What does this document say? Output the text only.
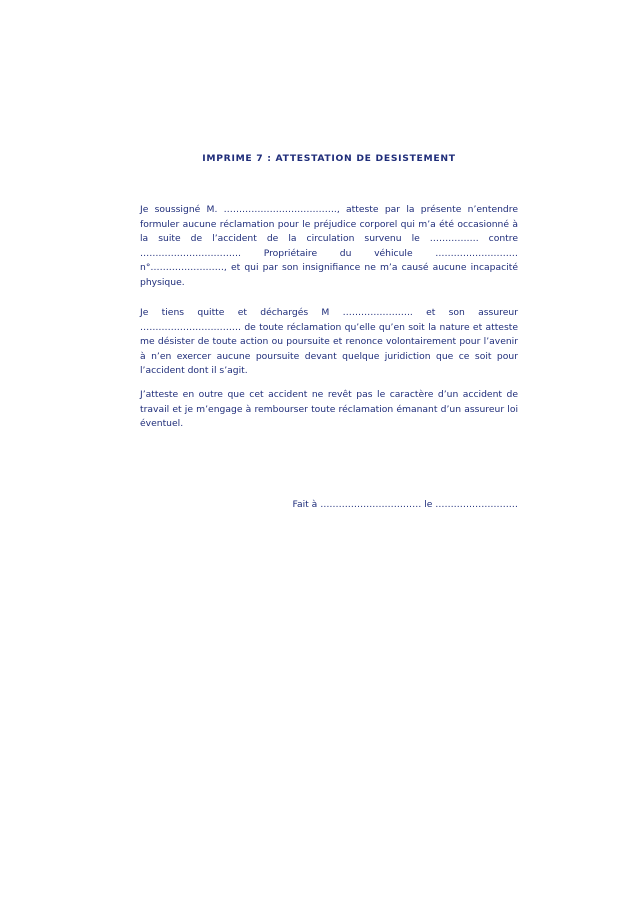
IMPRIME 7 : ATTESTATION DE DESISTEMENT

Je soussigné M. ………………………………., atteste par la présente n’entendre formuler aucune réclamation pour le préjudice corporel qui m’a été occasionné à la suite de l’accident de la circulation survenu le ……………. contre …………………………… Propriétaire du véhicule ……………………… n°……………………, et qui par son insignifiance ne m’a causé aucune incapacité physique.

Je tiens quitte et déchargés M ………………….. et son assureur …………………………… de toute réclamation qu’elle qu’en soit la nature et atteste me désister de toute action ou poursuite et renonce volontairement pour l’avenir à n’en exercer aucune poursuite devant quelque juridiction que ce soit pour l’accident dont il s’agit.

J’atteste en outre que cet accident ne revêt pas le caractère d’un accident de travail et je m’engage à rembourser toute réclamation émanant d’un assureur loi éventuel.

Fait à …………………………… le ………………………
